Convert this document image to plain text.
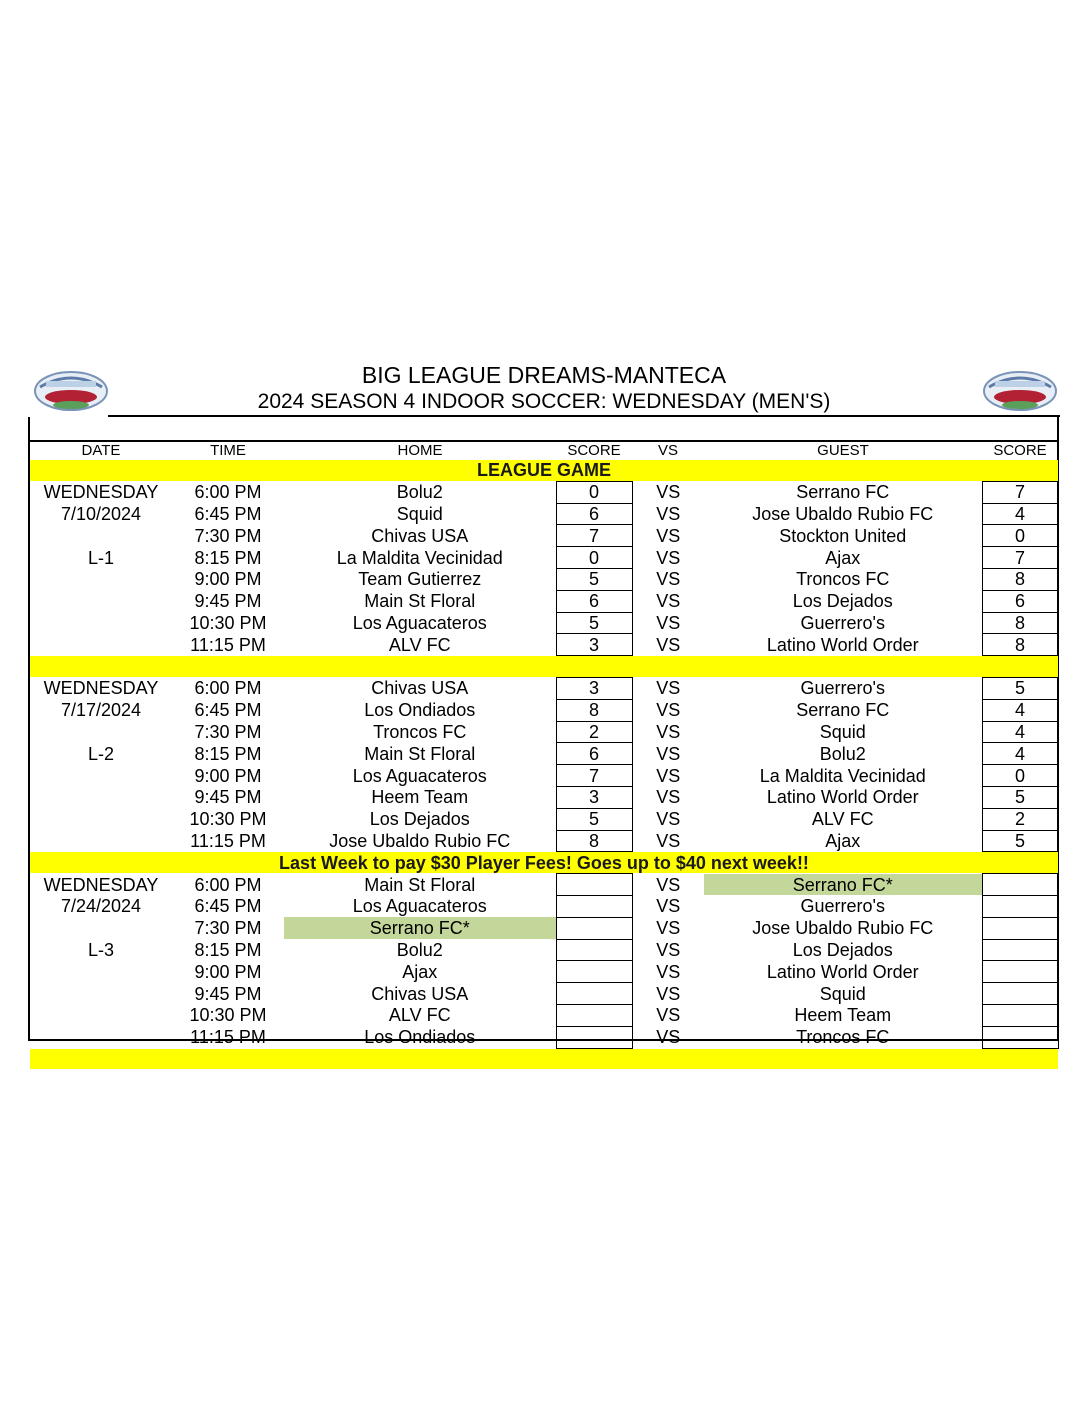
BIG LEAGUE DREAMS-MANTECA
2024 SEASON 4 INDOOR SOCCER: WEDNESDAY (MEN'S)
DATE	TIME	HOME	SCORE	VS	GUEST	SCORE
LEAGUE GAME						
WEDNESDAY	6:00 PM	Bolu2	0	VS	Serrano FC	7
7/10/2024	6:45 PM	Squid	6	VS	Jose Ubaldo Rubio FC	4
	7:30 PM	Chivas USA	7	VS	Stockton United	0
L-1	8:15 PM	La Maldita Vecinidad	0	VS	Ajax	7
	9:00 PM	Team Gutierrez	5	VS	Troncos FC	8
	9:45 PM	Main St Floral	6	VS	Los Dejados	6
	10:30 PM	Los Aguacateros	5	VS	Guerrero's	8
	11:15 PM	ALV FC	3	VS	Latino World Order	8

WEDNESDAY	6:00 PM	Chivas USA	3	VS	Guerrero's	5
7/17/2024	6:45 PM	Los Ondiados	8	VS	Serrano FC	4
	7:30 PM	Troncos FC	2	VS	Squid	4
L-2	8:15 PM	Main St Floral	6	VS	Bolu2	4
	9:00 PM	Los Aguacateros	7	VS	La Maldita Vecinidad	0
	9:45 PM	Heem Team	3	VS	Latino World Order	5
	10:30 PM	Los Dejados	5	VS	ALV FC	2
	11:15 PM	Jose Ubaldo Rubio FC	8	VS	Ajax	5
Last Week to pay $30 Player Fees! Goes up to $40 next week!!						
WEDNESDAY	6:00 PM	Main St Floral		VS	Serrano FC*	
7/24/2024	6:45 PM	Los Aguacateros		VS	Guerrero's	
	7:30 PM	Serrano FC*		VS	Jose Ubaldo Rubio FC	
L-3	8:15 PM	Bolu2		VS	Los Dejados	
	9:00 PM	Ajax		VS	Latino World Order	
	9:45 PM	Chivas USA		VS	Squid	
	10:30 PM	ALV FC		VS	Heem Team	
	11:15 PM	Los Ondiados		VS	Troncos FC	
